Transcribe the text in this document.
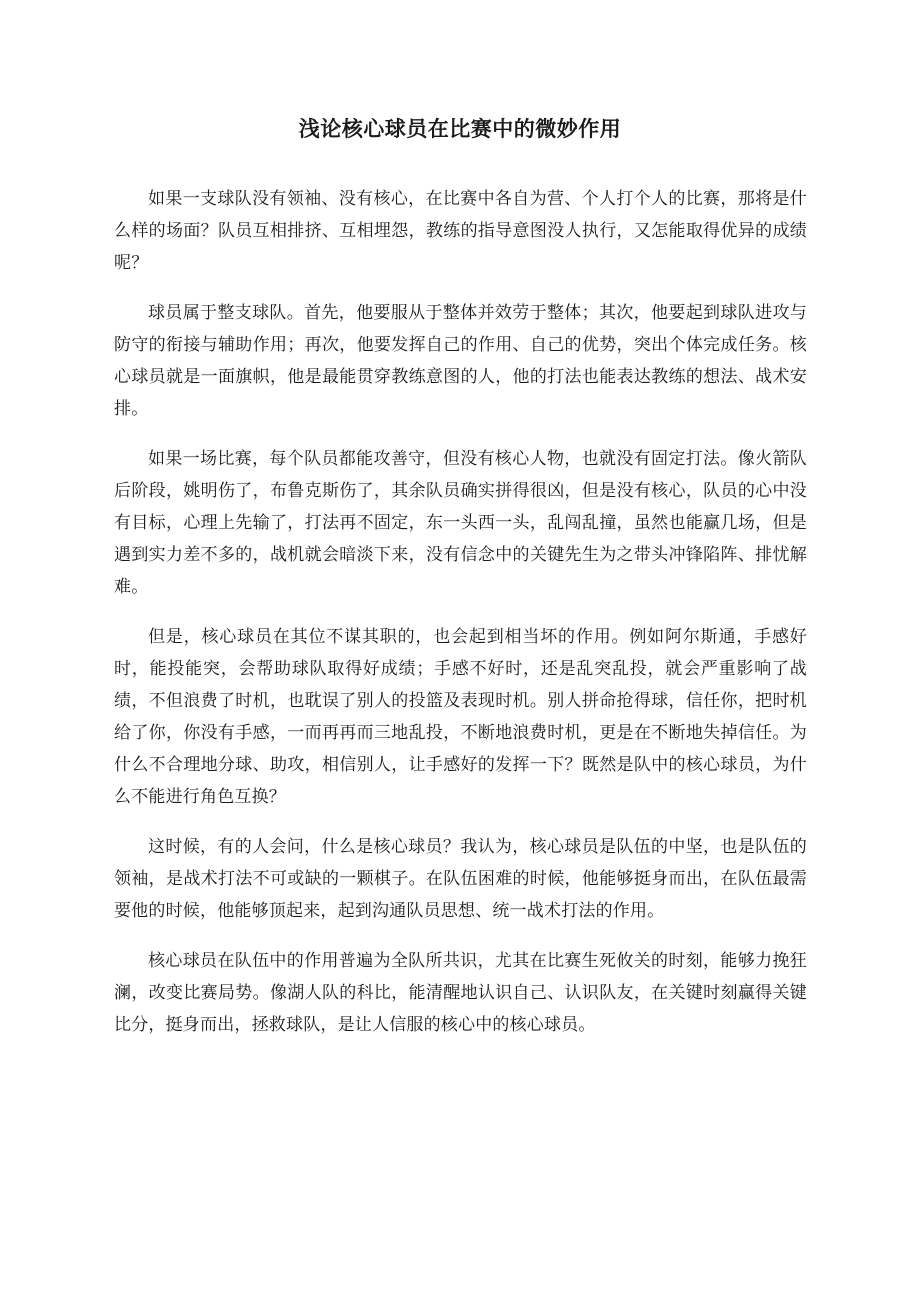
浅论核心球员在比赛中的微妙作用

如果一支球队没有领袖、没有核心，在比赛中各自为营、个人打个人的比赛，那将是什么样的场面？队员互相排挤、互相埋怨，教练的指导意图没人执行，又怎能取得优异的成绩呢？

球员属于整支球队。首先，他要服从于整体并效劳于整体；其次，他要起到球队进攻与防守的衔接与辅助作用；再次，他要发挥自己的作用、自己的优势，突出个体完成任务。核心球员就是一面旗帜，他是最能贯穿教练意图的人，他的打法也能表达教练的想法、战术安排。

如果一场比赛，每个队员都能攻善守，但没有核心人物，也就没有固定打法。像火箭队后阶段，姚明伤了，布鲁克斯伤了，其余队员确实拼得很凶，但是没有核心，队员的心中没有目标，心理上先输了，打法再不固定，东一头西一头，乱闯乱撞，虽然也能赢几场，但是遇到实力差不多的，战机就会暗淡下来，没有信念中的关键先生为之带头冲锋陷阵、排忧解难。

但是，核心球员在其位不谋其职的，也会起到相当坏的作用。例如阿尔斯通，手感好时，能投能突，会帮助球队取得好成绩；手感不好时，还是乱突乱投，就会严重影响了战绩，不但浪费了时机，也耽误了别人的投篮及表现时机。别人拼命抢得球，信任你，把时机给了你，你没有手感，一而再再而三地乱投，不断地浪费时机，更是在不断地失掉信任。为什么不合理地分球、助攻，相信别人，让手感好的发挥一下？既然是队中的核心球员，为什么不能进行角色互换？

这时候，有的人会问，什么是核心球员？我认为，核心球员是队伍的中坚，也是队伍的领袖，是战术打法不可或缺的一颗棋子。在队伍困难的时候，他能够挺身而出，在队伍最需要他的时候，他能够顶起来，起到沟通队员思想、统一战术打法的作用。

核心球员在队伍中的作用普遍为全队所共识，尤其在比赛生死攸关的时刻，能够力挽狂澜，改变比赛局势。像湖人队的科比，能清醒地认识自己、认识队友，在关键时刻赢得关键比分，挺身而出，拯救球队，是让人信服的核心中的核心球员。
